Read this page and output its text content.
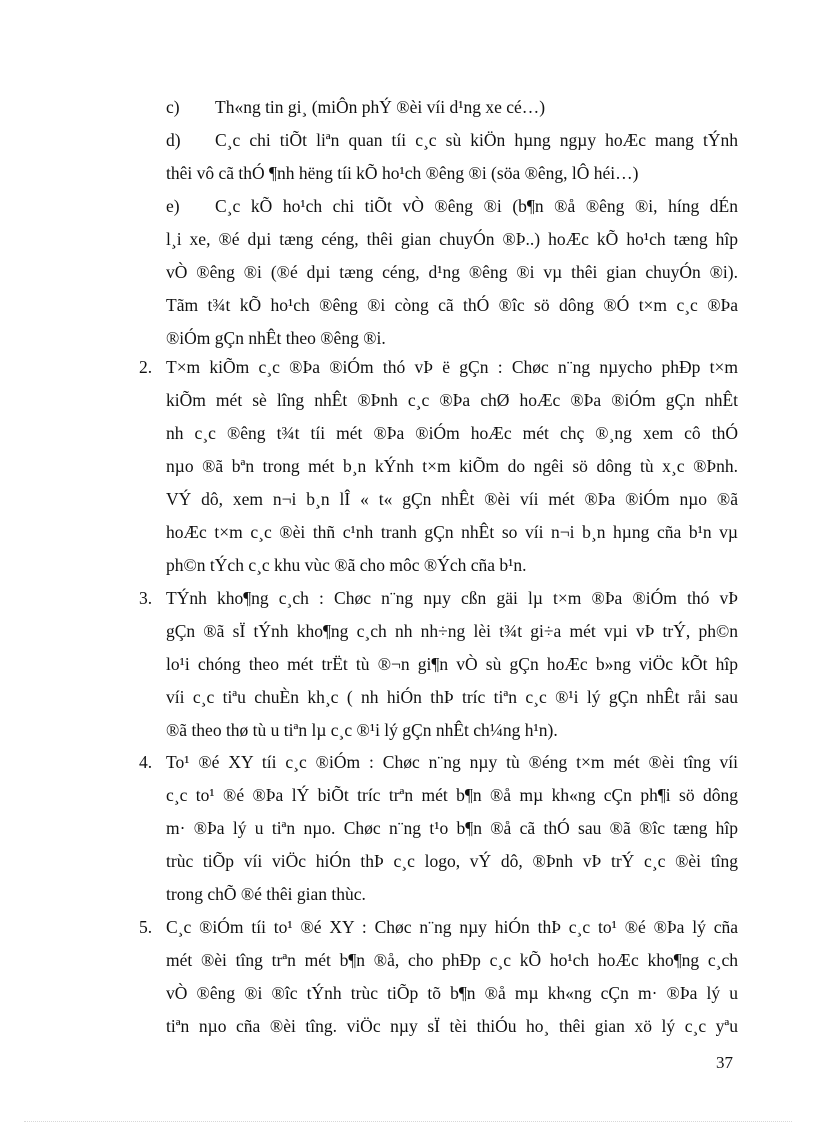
c) Th«ng tin gi¸ (miÔn phÝ ®èi víi d¹ng xe cé…)
d) C¸c chi tiÕt liªn quan tíi c¸c sù kiÖn hµng ngµy hoÆc mang tÝnh
thêi vô cã thÓ ¶nh hëng tíi kÕ ho¹ch ®êng ®i (söa ®êng, lÔ héi…)
e) C¸c kÕ ho¹ch chi tiÕt vÒ ®êng ®i (b¶n ®å ®êng ®i, híng dÉn
l¸i xe, ®é dµi tæng céng, thêi gian chuyÓn ®Þ..) hoÆc kÕ ho¹ch tæng hîp
vÒ ®êng ®i (®é dµi tæng céng, d¹ng ®êng ®i vµ thêi gian chuyÓn ®i).
Tãm t¾t kÕ ho¹ch ®êng ®i còng cã thÓ ®îc sö dông ®Ó t×m c¸c ®Þa
®iÓm gÇn nhÊt theo ®êng ®i.
2. T×m kiÕm c¸c ®Þa ®iÓm thó vÞ ë gÇn : Chøc n¨ng nµycho phÐp t×m
kiÕm mét sè lîng nhÊt ®Þnh c¸c ®Þa chØ hoÆc ®Þa ®iÓm gÇn nhÊt
nh c¸c ®êng t¾t tíi mét ®Þa ®iÓm hoÆc mét chç ®¸ng xem cô thÓ
nµo ®ã bªn trong mét b¸n kÝnh t×m kiÕm do ngêi sö dông tù x¸c ®Þnh.
VÝ dô, xem n¬i b¸n lÎ « t« gÇn nhÊt ®èi víi mét ®Þa ®iÓm nµo ®ã
hoÆc t×m c¸c ®èi thñ c¹nh tranh gÇn nhÊt so víi n¬i b¸n hµng cña b¹n vµ
ph©n tÝch c¸c khu vùc ®ã cho môc ®Ých cña b¹n.
3. TÝnh kho¶ng c¸ch : Chøc n¨ng nµy cßn gäi lµ t×m ®Þa ®iÓm thó vÞ
gÇn ®ã sÏ tÝnh kho¶ng c¸ch nh nh÷ng lèi t¾t gi÷a mét vµi vÞ trÝ, ph©n
lo¹i chóng theo mét trËt tù ®¬n gi¶n vÒ sù gÇn hoÆc b»ng viÖc kÕt hîp
víi c¸c tiªu chuÈn kh¸c ( nh hiÓn thÞ tríc tiªn c¸c ®¹i lý gÇn nhÊt råi sau
®ã theo thø tù u tiªn lµ c¸c ®¹i lý gÇn nhÊt ch¼ng h¹n).
4. To¹ ®é XY tíi c¸c ®iÓm : Chøc n¨ng nµy tù ®éng t×m mét ®èi tîng víi
c¸c to¹ ®é ®Þa lÝ biÕt tríc trªn mét b¶n ®å mµ kh«ng cÇn ph¶i sö dông
m· ®Þa lý u tiªn nµo. Chøc n¨ng t¹o b¶n ®å cã thÓ sau ®ã ®îc tæng hîp
trùc tiÕp víi viÖc hiÓn thÞ c¸c logo, vÝ dô, ®Þnh vÞ trÝ c¸c ®èi tîng
trong chÕ ®é thêi gian thùc.
5. C¸c ®iÓm tíi to¹ ®é XY : Chøc n¨ng nµy hiÓn thÞ c¸c to¹ ®é ®Þa lý cña
mét ®èi tîng trªn mét b¶n ®å, cho phÐp c¸c kÕ ho¹ch hoÆc kho¶ng c¸ch
vÒ ®êng ®i ®îc tÝnh trùc tiÕp tõ b¶n ®å mµ kh«ng cÇn m· ®Þa lý u
tiªn nµo cña ®èi tîng. viÖc nµy sÏ tèi thiÓu ho¸ thêi gian xö lý c¸c yªu
37
